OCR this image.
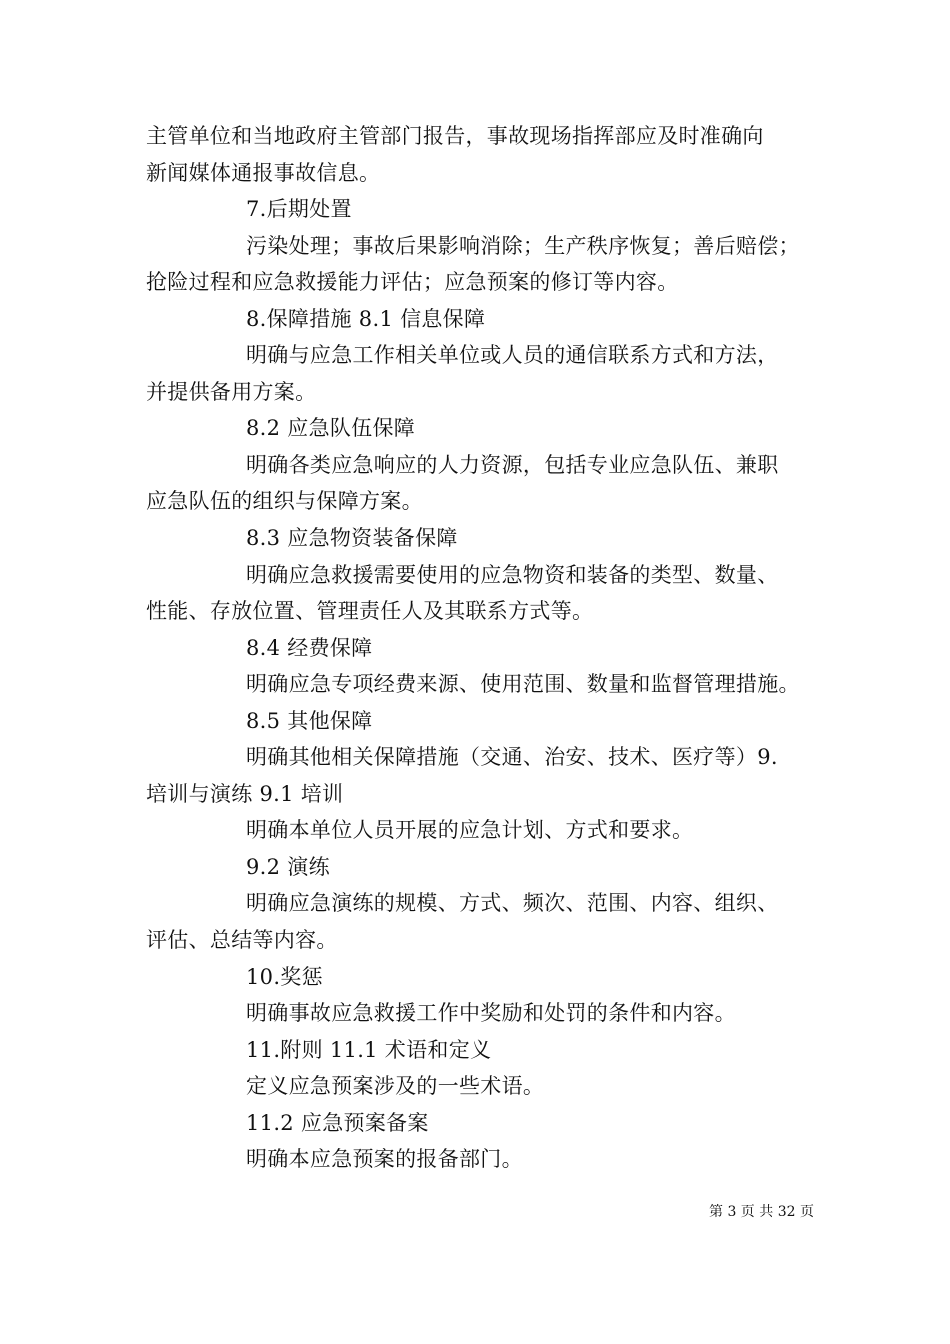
主管单位和当地政府主管部门报告，事故现场指挥部应及时准确向
新闻媒体通报事故信息。
7.后期处置
污染处理；事故后果影响消除；生产秩序恢复；善后赔偿；
抢险过程和应急救援能力评估；应急预案的修订等内容。
8.保障措施 8.1 信息保障
明确与应急工作相关单位或人员的通信联系方式和方法，
并提供备用方案。
8.2 应急队伍保障
明确各类应急响应的人力资源，包括专业应急队伍、兼职
应急队伍的组织与保障方案。
8.3 应急物资装备保障
明确应急救援需要使用的应急物资和装备的类型、数量、
性能、存放位置、管理责任人及其联系方式等。
8.4 经费保障
明确应急专项经费来源、使用范围、数量和监督管理措施。
8.5 其他保障
明确其他相关保障措施（交通、治安、技术、医疗等）9.
培训与演练 9.1 培训
明确本单位人员开展的应急计划、方式和要求。
9.2 演练
明确应急演练的规模、方式、频次、范围、内容、组织、
评估、总结等内容。
10.奖惩
明确事故应急救援工作中奖励和处罚的条件和内容。
11.附则 11.1 术语和定义
定义应急预案涉及的一些术语。
11.2 应急预案备案
明确本应急预案的报备部门。
第 3 页 共 32 页
